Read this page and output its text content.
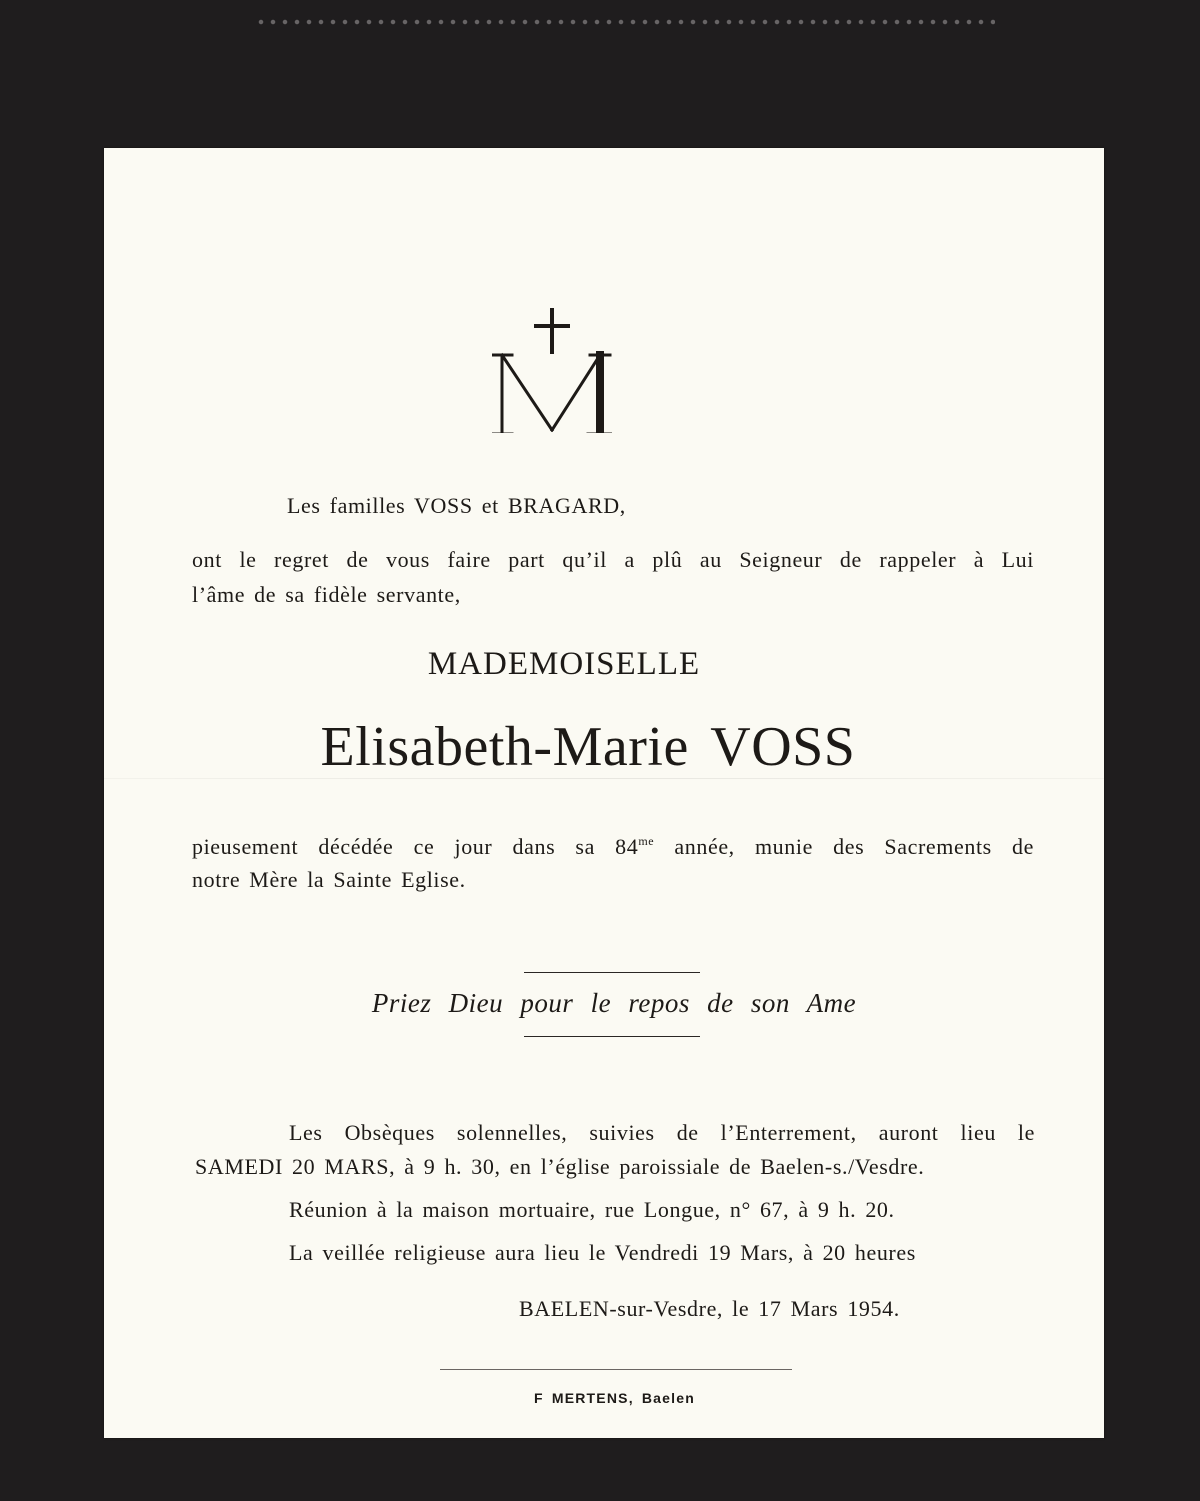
Les familles VOSS et BRAGARD,
ont le regret de vous faire part qu’il a plû au Seigneur de rappeler à Lui
l’âme de sa fidèle servante,
MADEMOISELLE
Elisabeth-Marie VOSS
pieusement décédée ce jour dans sa $84^{me}$ année, munie des Sacrements de
notre Mère la Sainte Eglise.
Priez Dieu pour le repos de son Ame
Les Obsèques solennelles, suivies de l’Enterrement, auront lieu le
SAMEDI 20 MARS, à 9 h. 30, en l’église paroissiale de Baelen-s./Vesdre.
Réunion à la maison mortuaire, rue Longue, n° 67, à 9 h. 20.
La veillée religieuse aura lieu le Vendredi 19 Mars, à 20 heures
BAELEN-sur-Vesdre, le 17 Mars 1954.
F MERTENS, Baelen
